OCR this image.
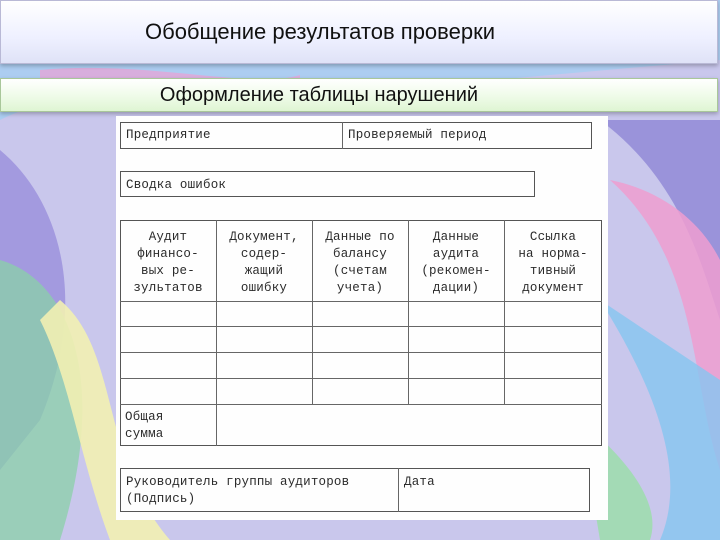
Обобщение результатов проверки
Оформление таблицы нарушений
Предприятие	Проверяемый период
Сводка ошибок
Аудит
финансо-
вых ре-
зультатов
Документ,
содер-
жащий
ошибку
Данные по
балансу
(счетам
учета)
Данные
аудита
(рекомен-
дации)
Ссылка
на норма-
тивный
документ
Общая
сумма
Руководитель группы аудиторов
(Подпись)
Дата
